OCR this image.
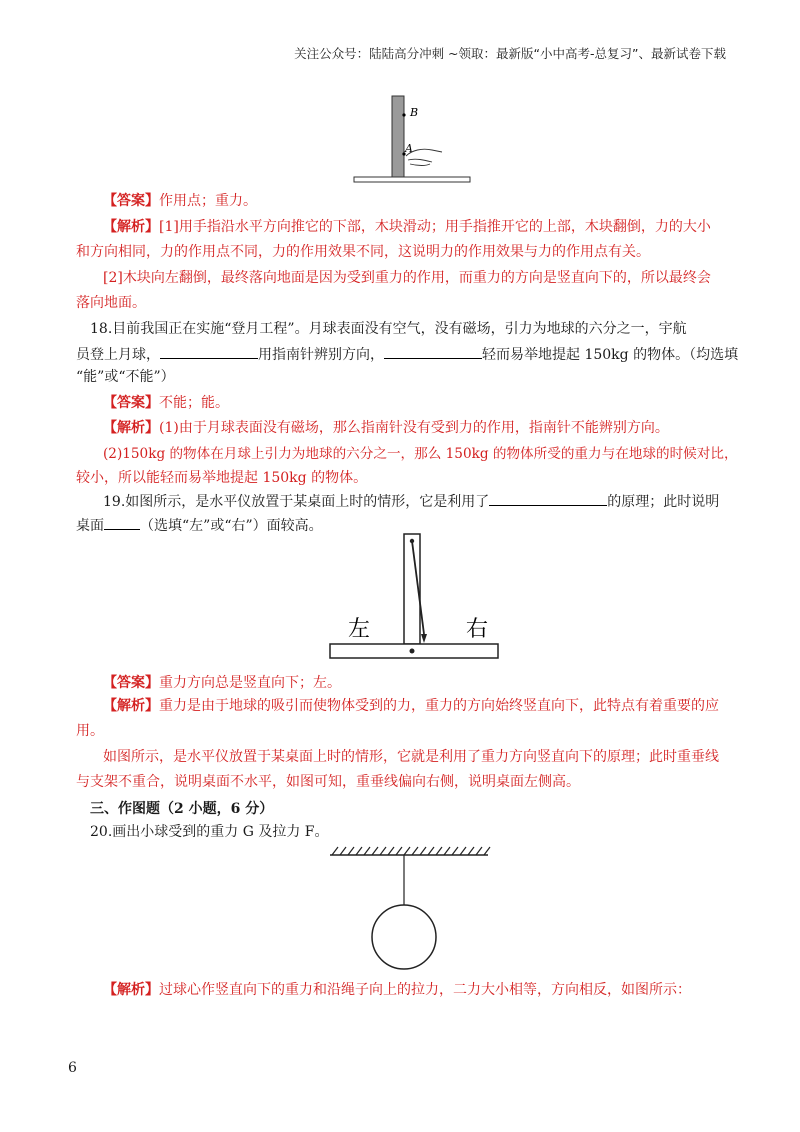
关注公众号：陆陆高分冲刺 ~领取：最新版“小中高考-总复习”、最新试卷下载
B
A
【答案】作用点；重力。
【解析】[1]用手指沿水平方向推它的下部，木块滑动；用手指推开它的上部，木块翻倒，力的大小
和方向相同，力的作用点不同，力的作用效果不同，这说明力的作用效果与力的作用点有关。
[2]木块向左翻倒，最终落向地面是因为受到重力的作用，而重力的方向是竖直向下的，所以最终会
落向地面。
18.目前我国正在实施“登月工程”。月球表面没有空气，没有磁场，引力为地球的六分之一，宇航
员登上月球，	用指南针辨别方向，	轻而易举地提起 150kg 的物体。（均选填
“能”或“不能”）
【答案】不能；能。
【解析】(1)由于月球表面没有磁场，那么指南针没有受到力的作用，指南针不能辨别方向。
(2)150kg 的物体在月球上引力为地球的六分之一，那么 150kg 的物体所受的重力与在地球的时候对比，
较小，所以能轻而易举地提起 150kg 的物体。
19.如图所示，是水平仪放置于某桌面上时的情形，它是利用了	的原理；此时说明
桌面	（选填“左”或“右”）面较高。
左	右
【答案】重力方向总是竖直向下；左。
【解析】重力是由于地球的吸引而使物体受到的力，重力的方向始终竖直向下，此特点有着重要的应
用。
如图所示，是水平仪放置于某桌面上时的情形，它就是利用了重力方向竖直向下的原理；此时重垂线
与支架不重合，说明桌面不水平，如图可知，重垂线偏向右侧，说明桌面左侧高。
三、作图题（2 小题，6 分）
20.画出小球受到的重力 G 及拉力 F。
【解析】过球心作竖直向下的重力和沿绳子向上的拉力，二力大小相等，方向相反，如图所示：
6
